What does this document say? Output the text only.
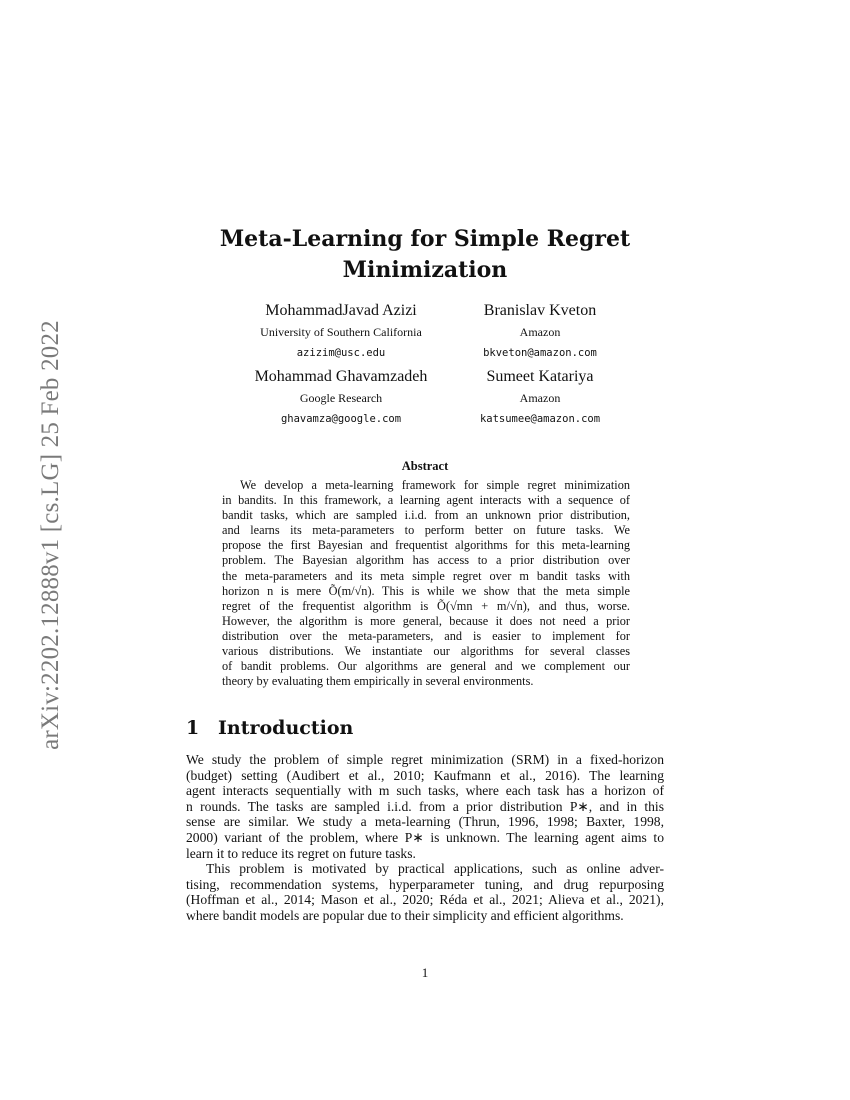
arXiv:2202.12888v1 [cs.LG] 25 Feb 2022
Meta-Learning for Simple Regret
Minimization
MohammadJavad Azizi
University of Southern California
azizim@usc.edu
Branislav Kveton
Amazon
bkveton@amazon.com
Mohammad Ghavamzadeh
Google Research
ghavamza@google.com
Sumeet Katariya
Amazon
katsumee@amazon.com
Abstract
We develop a meta-learning framework for simple regret minimization
in bandits. In this framework, a learning agent interacts with a sequence of
bandit tasks, which are sampled i.i.d. from an unknown prior distribution,
and learns its meta-parameters to perform better on future tasks. We
propose the first Bayesian and frequentist algorithms for this meta-learning
problem. The Bayesian algorithm has access to a prior distribution over
the meta-parameters and its meta simple regret over m bandit tasks with
horizon n is mere Õ(m/√n). This is while we show that the meta simple
regret of the frequentist algorithm is Õ(√mn + m/√n), and thus, worse.
However, the algorithm is more general, because it does not need a prior
distribution over the meta-parameters, and is easier to implement for
various distributions. We instantiate our algorithms for several classes
of bandit problems. Our algorithms are general and we complement our
theory by evaluating them empirically in several environments.
1 Introduction
We study the problem of simple regret minimization (SRM) in a fixed-horizon
(budget) setting (Audibert et al., 2010; Kaufmann et al., 2016). The learning
agent interacts sequentially with m such tasks, where each task has a horizon of
n rounds. The tasks are sampled i.i.d. from a prior distribution P∗, and in this
sense are similar. We study a meta-learning (Thrun, 1996, 1998; Baxter, 1998,
2000) variant of the problem, where P∗ is unknown. The learning agent aims to
learn it to reduce its regret on future tasks.
This problem is motivated by practical applications, such as online adver-
tising, recommendation systems, hyperparameter tuning, and drug repurposing
(Hoffman et al., 2014; Mason et al., 2020; Réda et al., 2021; Alieva et al., 2021),
where bandit models are popular due to their simplicity and efficient algorithms.

1
